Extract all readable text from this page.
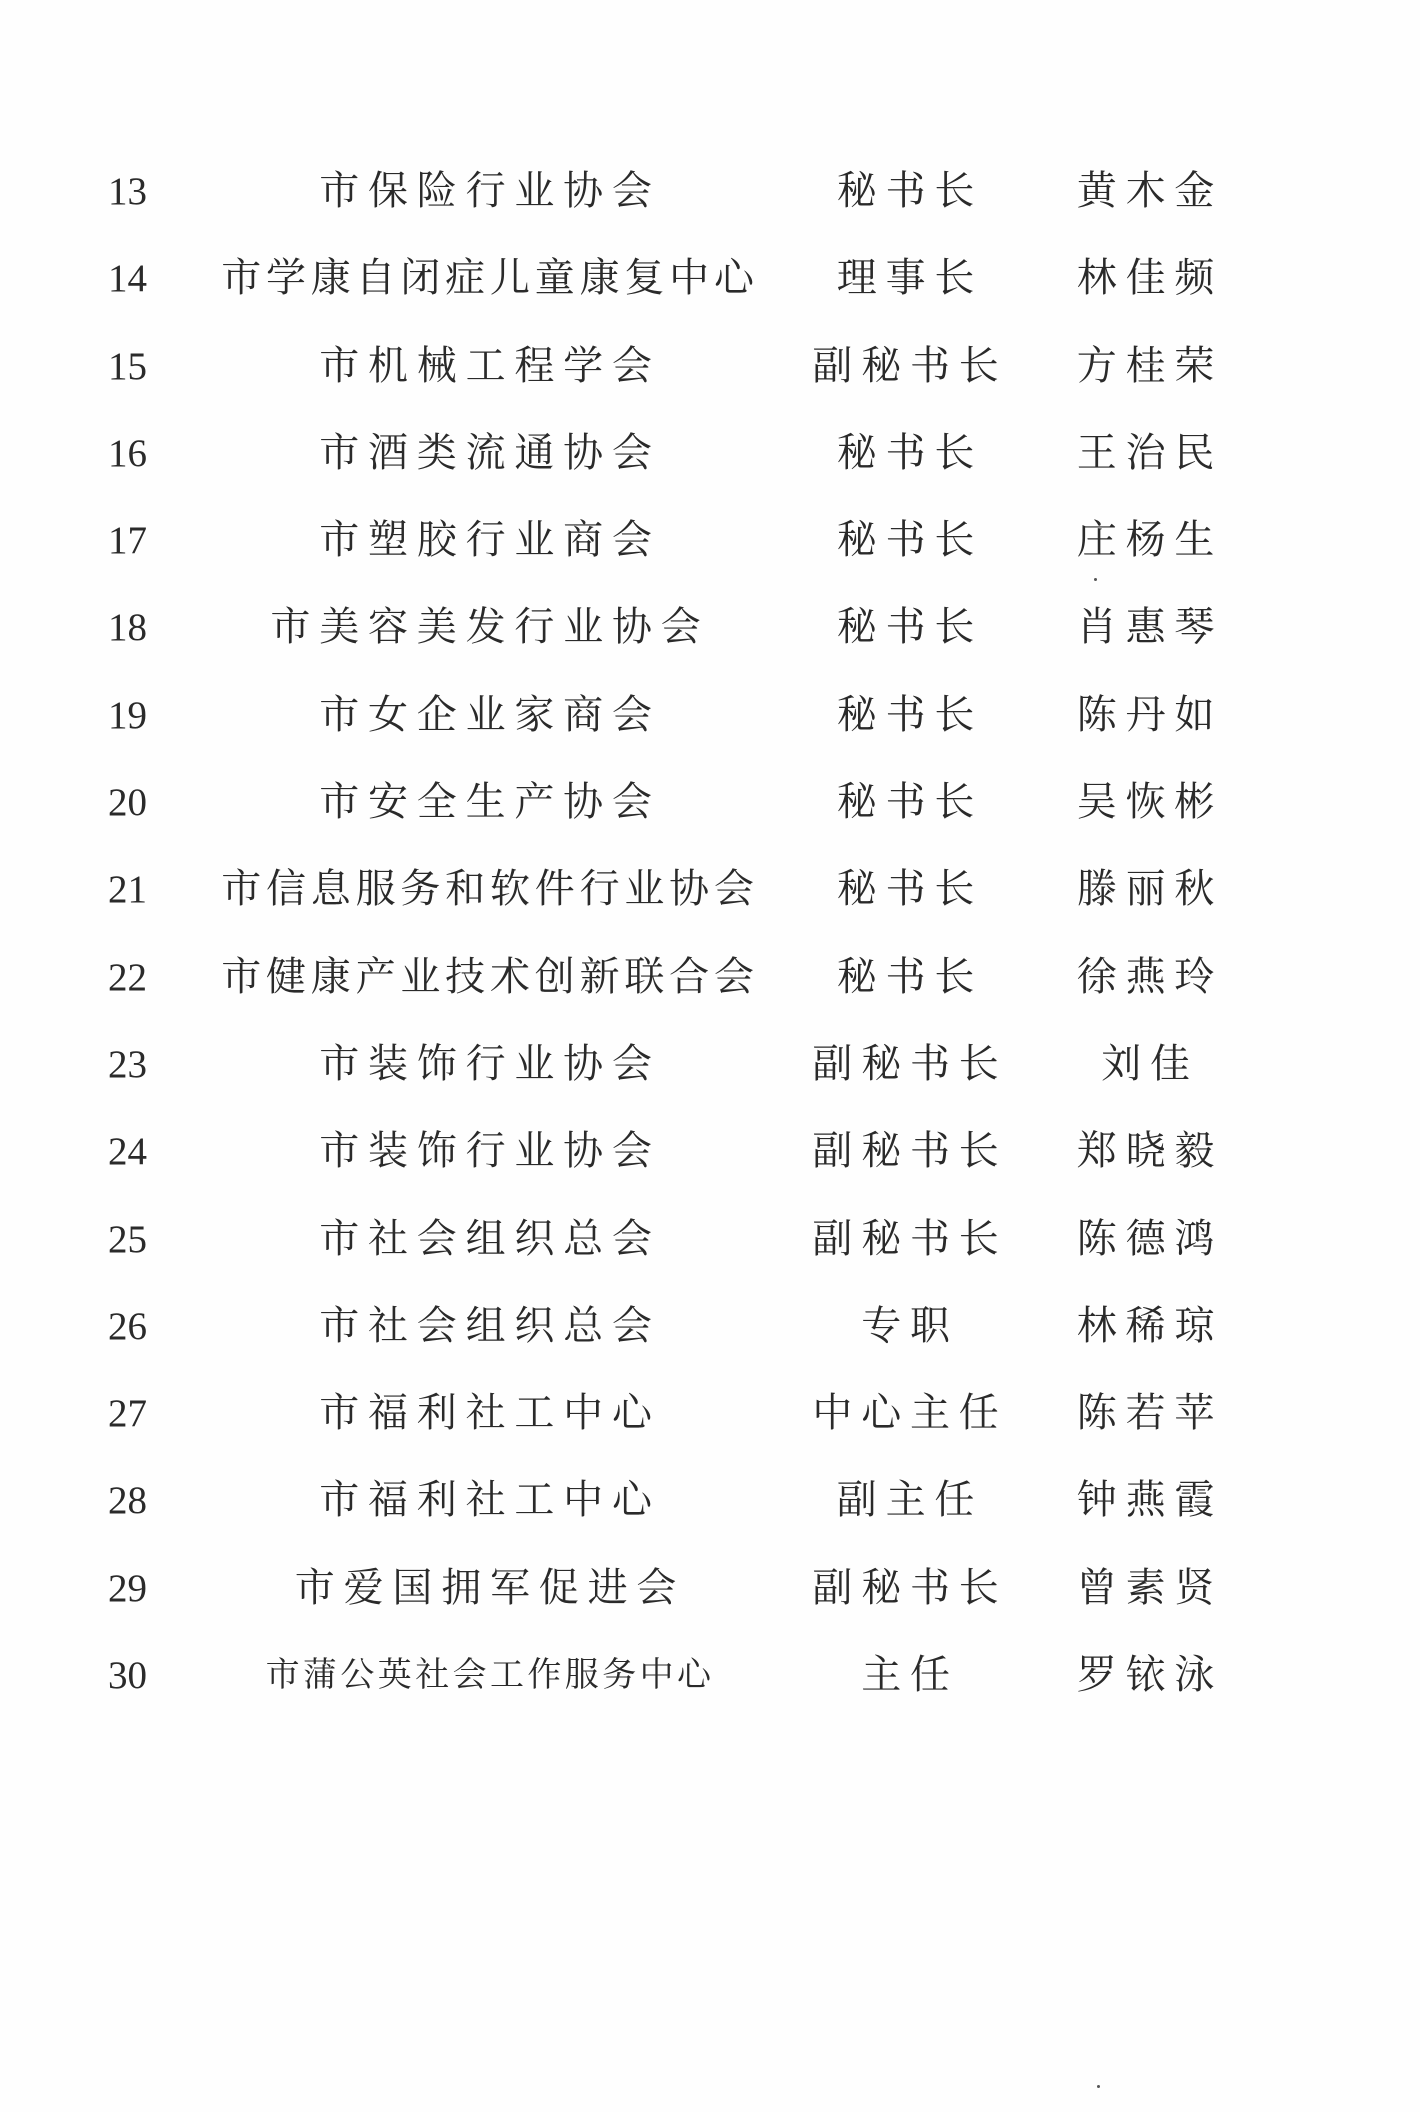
13	市保险行业协会	秘书长	黄木金
14	市学康自闭症儿童康复中心	理事长	林佳频
15	市机械工程学会	副秘书长	方桂荣
16	市酒类流通协会	秘书长	王治民
17	市塑胶行业商会	秘书长	庄杨生
18	市美容美发行业协会	秘书长	肖惠琴
19	市女企业家商会	秘书长	陈丹如
20	市安全生产协会	秘书长	吴恢彬
21	市信息服务和软件行业协会	秘书长	滕丽秋
22	市健康产业技术创新联合会	秘书长	徐燕玲
23	市装饰行业协会	副秘书长	刘佳
24	市装饰行业协会	副秘书长	郑晓毅
25	市社会组织总会	副秘书长	陈德鸿
26	市社会组织总会	专职	林稀琼
27	市福利社工中心	中心主任	陈若苹
28	市福利社工中心	副主任	钟燕霞
29	市爱国拥军促进会	副秘书长	曾素贤
30	市蒲公英社会工作服务中心	主任	罗铱泳
